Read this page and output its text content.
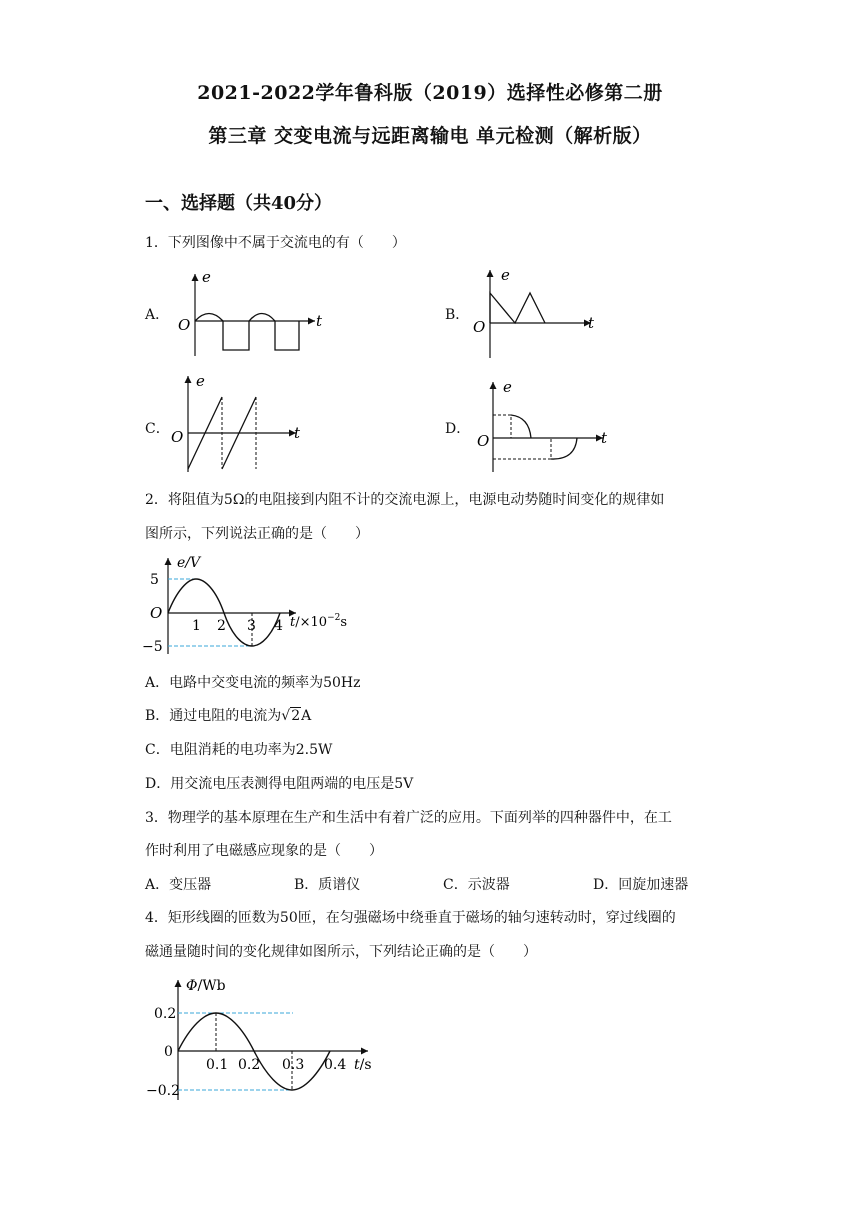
2021-2022学年鲁科版（2019）选择性必修第二册
第三章 交变电流与远距离输电 单元检测（解析版）
一、选择题（共40分）
1．下列图像中不属于交流电的有（　　）
A．	B．
C．	D．
e
t
O
e
t
O
e
t
O
e
t
O
2．将阻值为5Ω的电阻接到内阻不计的交流电源上，电源电动势随时间变化的规律如
图所示，下列说法正确的是（　　）
e/V
5
−5
O
1 2 3 4 $t/\times 10^{-2}s$
A．电路中交变电流的频率为50Hz
B．通过电阻的电流为√2A
C．电阻消耗的电功率为2.5W
D．用交流电压表测得电阻两端的电压是5V
3．物理学的基本原理在生产和生活中有着广泛的应用。下面列举的四种器件中，在工
作时利用了电磁感应现象的是（　　）
A．变压器	B．质谱仪	C．示波器	D．回旋加速器
4．矩形线圈的匝数为50匝，在匀强磁场中绕垂直于磁场的轴匀速转动时，穿过线圈的
磁通量随时间的变化规律如图所示，下列结论正确的是（　　）
Φ/Wb
0.2
−0.2
0
0.1 0.2 0.3 0.4 t/s
